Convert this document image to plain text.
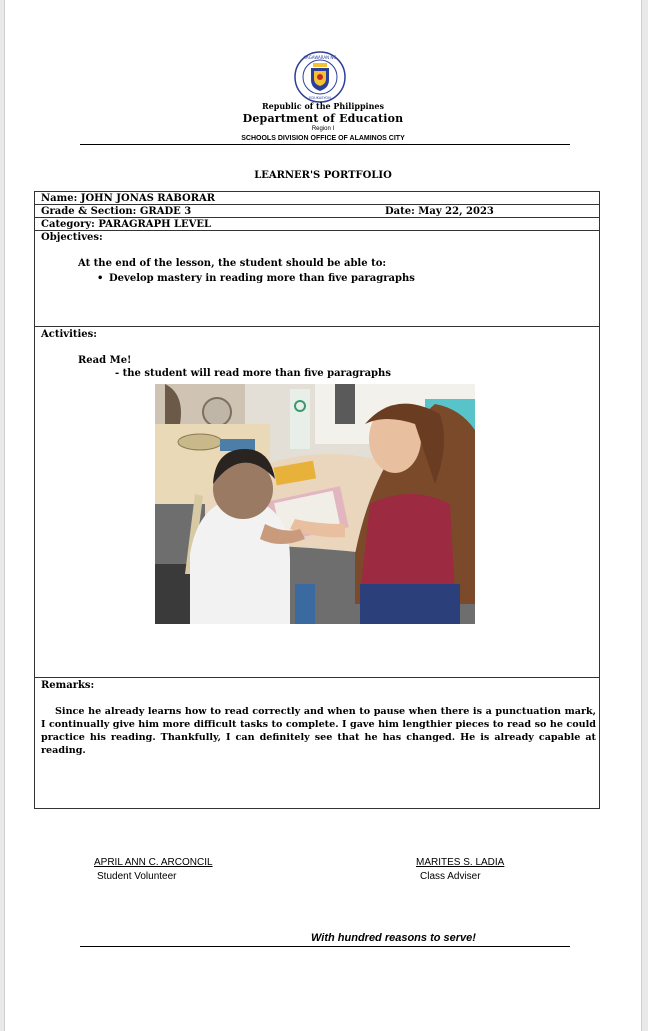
KAGAWARAN NG
EDUKASYON
Republic of the Philippines
Department of Education
Region I
SCHOOLS DIVISION OFFICE OF ALAMINOS CITY
LEARNER'S PORTFOLIO
Name: JOHN JONAS RABORAR
Grade & Section: GRADE 3	Date: May 22, 2023
Category: PARAGRAPH LEVEL
Objectives:
At the end of the lesson, the student should be able to:
• Develop mastery in reading more than five paragraphs
Activities:
Read Me!
- the student will read more than five paragraphs
Remarks:
Since he already learns how to read correctly and when to pause when there is a punctuation mark, I continually give him more difficult tasks to complete. I gave him lengthier pieces to read so he could practice his reading. Thankfully, I can definitely see that he has changed. He is already capable at reading.
APRIL ANN C. ARCONCIL
Student Volunteer
MARITES S. LADIA
Class Adviser
With hundred reasons to serve!
